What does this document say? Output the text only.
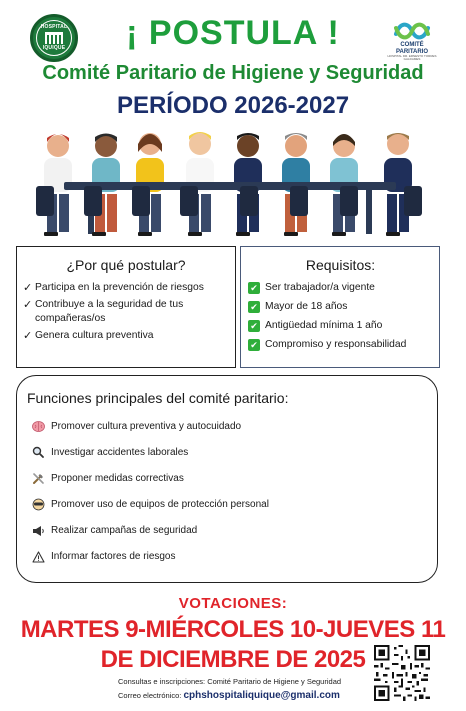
HOSPITAL
IQUIQUE	COMITÉ
PARITARIO
HOSPITAL DR. ERNESTO TORRES GALDAMES
¡ POSTULA !
Comité Paritario de Higiene y Seguridad
PERÍODO 2026-2027
¿Por qué postular?
✓ Participa en la prevención de riesgos
✓ Contribuye a la seguridad de tus compañeras/os
✓ Genera cultura preventiva
Requisitos:
✔ Ser trabajador/a vigente
✔ Mayor de 18 años
✔ Antigüedad mínima 1 año
✔ Compromiso y responsabilidad
Funciones principales del comité paritario:
Promover cultura preventiva y autocuidado
Investigar accidentes laborales
Proponer medidas correctivas
Promover uso de equipos de protección personal
Realizar campañas de seguridad
Informar factores de riesgos
VOTACIONES:
MARTES 9-MIÉRCOLES 10-JUEVES 11
DE DICIEMBRE DE 2025
Consultas e inscripciones: Comité Paritario de Higiene y Seguridad
Correo electrónico: cphshospitaliquique@gmail.com
